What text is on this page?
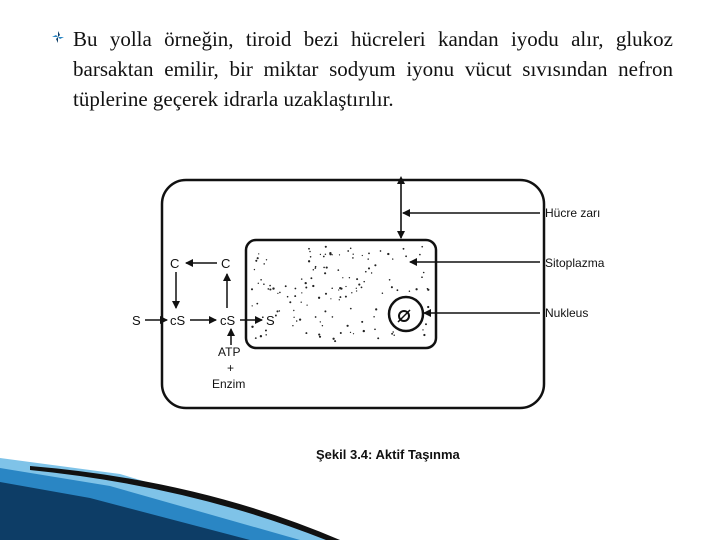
Bu yolla örneğin, tiroid bezi hücreleri kandan iyodu alır, glukoz barsaktan emilir, bir miktar sodyum iyonu vücut sıvısından nefron tüplerine geçerek idrarla uzaklaştırılır.
Hücre zarı
Sitoplazma
Nukleus
S cS	cS S
C	C
ATP
+
Enzim
Şekil 3.4: Aktif Taşınma
